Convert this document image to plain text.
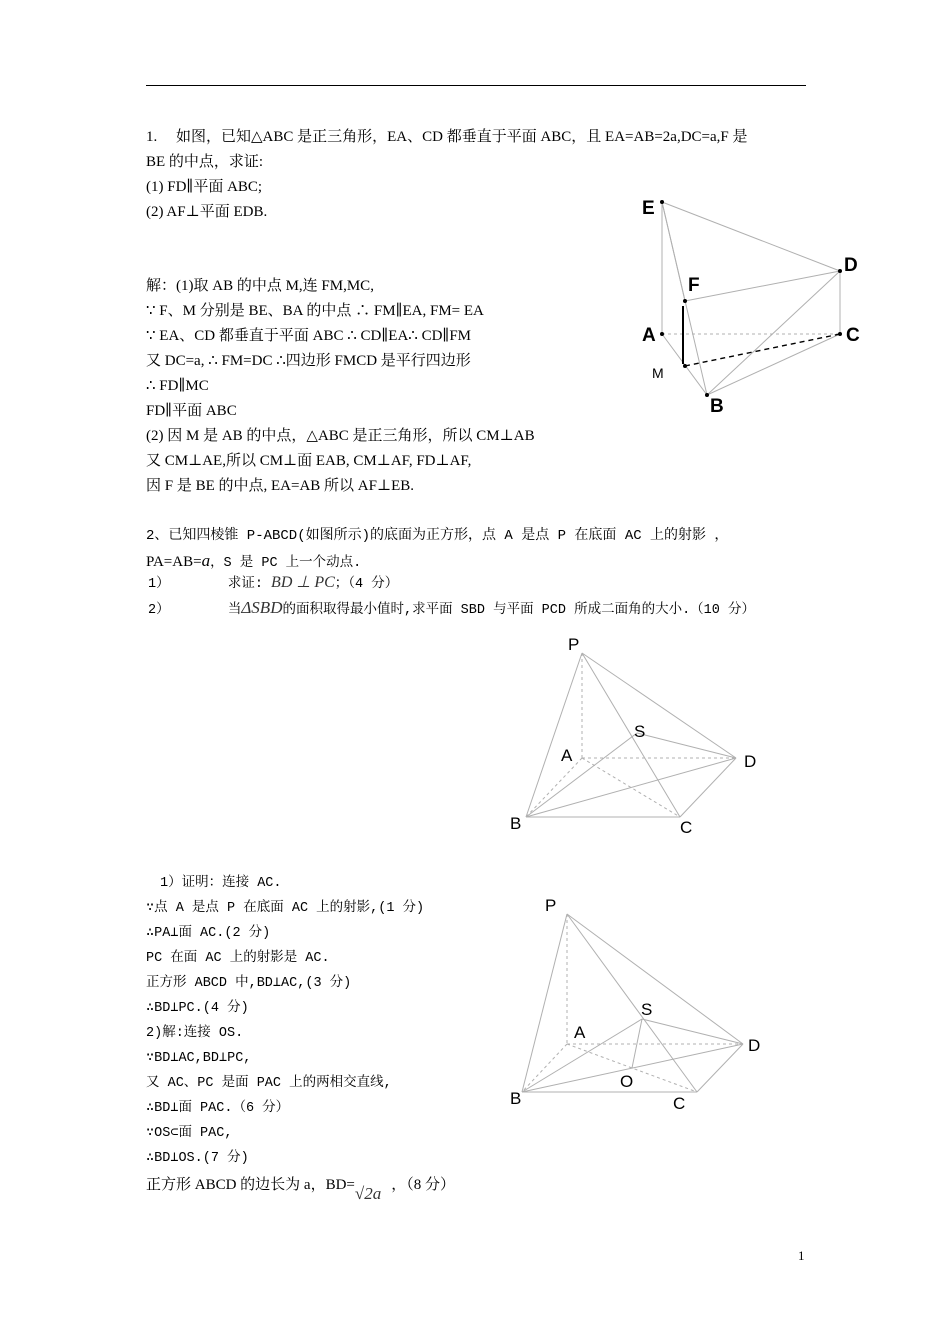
1.　 如图，已知△ABC 是正三角形，EA、CD 都垂直于平面 ABC，且 EA=AB=2a,DC=a,F 是
BE 的中点，求证:
(1) FD∥平面 ABC;
(2) AF⊥平面 EDB.
解：(1)取 AB 的中点 M,连 FM,MC,
∵ F、M 分别是 BE、BA 的中点 ∴ FM∥EA, FM= EA
∵ EA、CD 都垂直于平面 ABC ∴ CD∥EA∴ CD∥FM
又 DC=a, ∴ FM=DC ∴四边形 FMCD 是平行四边形
∴ FD∥MC
FD∥平面 ABC
(2) 因 M 是 AB 的中点，△ABC 是正三角形，所以 CM⊥AB
又 CM⊥AE,所以 CM⊥面 EAB, CM⊥AF, FD⊥AF,
因 F 是 BE 的中点, EA=AB 所以 AF⊥EB.
E
D
F
A	C
M
B
2、已知四棱锥 P-ABCD(如图所示)的底面为正方形，点 A 是点 P 在底面 AC 上的射影 ，
PA=AB=a，S 是 PC 上一个动点.
1）	求证: BD ⊥ PC；（4 分）
2）	当ΔSBD的面积取得最小值时,求平面 SBD 与平面 PCD 所成二面角的大小.（10 分）
P
S
A	D
B	C
1）证明：连接 AC.
∵点 A 是点 P 在底面 AC 上的射影,(1 分)
∴PA⊥面 AC.(2 分)
PC 在面 AC 上的射影是 AC.
正方形 ABCD 中,BD⊥AC,(3 分)
∴BD⊥PC.(4 分)
2)解:连接 OS.
∵BD⊥AC,BD⊥PC,
又 AC、PC 是面 PAC 上的两相交直线,
∴BD⊥面 PAC.（6 分）
∵OS⊂面 PAC,
∴BD⊥OS.(7 分)
正方形 ABCD 的边长为 a，BD=√2a ，（8 分）
P
S
A
D
O
B	C
1
